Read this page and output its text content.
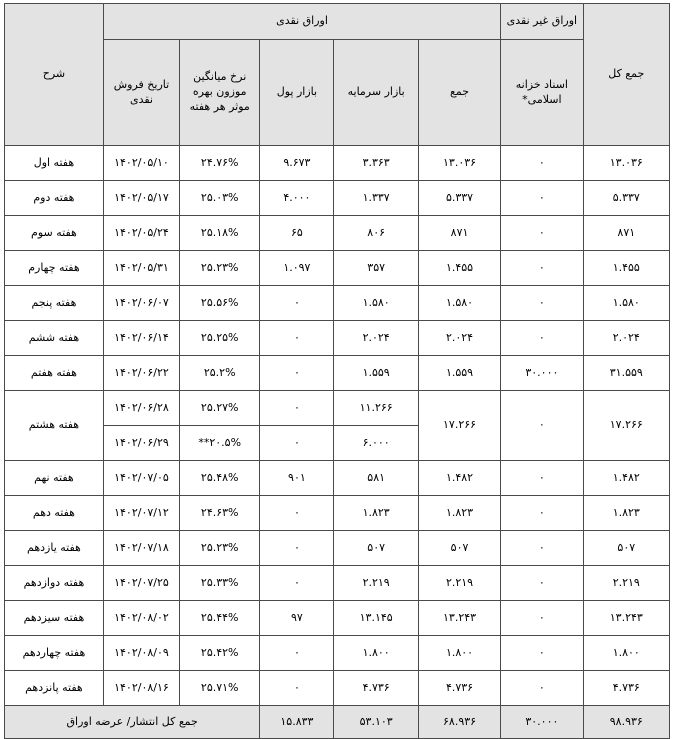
جمع کل	اوراق غیر نقدی	اوراق نقدی					شرح
	اسناد خزانه اسلامی*	جمع	بازار سرمایه	بازار پول	نرخ میانگین موزون بهره موثر هر هفته	تاریخ فروش نقدی	
۱۳.۰۳۶	۰	۱۳.۰۳۶	۳.۳۶۳	۹.۶۷۳	۲۴.۷۶%	۱۴۰۲/۰۵/۱۰	هفته اول
۵.۳۳۷	۰	۵.۳۳۷	۱.۳۳۷	۴.۰۰۰	۲۵.۰۳%	۱۴۰۲/۰۵/۱۷	هفته دوم
۸۷۱	۰	۸۷۱	۸۰۶	۶۵	۲۵.۱۸%	۱۴۰۲/۰۵/۲۴	هفته سوم
۱.۴۵۵	۰	۱.۴۵۵	۳۵۷	۱.۰۹۷	۲۵.۲۳%	۱۴۰۲/۰۵/۳۱	هفته چهارم
۱.۵۸۰	۰	۱.۵۸۰	۱.۵۸۰	۰	۲۵.۵۶%	۱۴۰۲/۰۶/۰۷	هفته پنجم
۲.۰۲۴	۰	۲.۰۲۴	۲.۰۲۴	۰	۲۵.۲۵%	۱۴۰۲/۰۶/۱۴	هفته ششم
۳۱.۵۵۹	۳۰.۰۰۰	۱.۵۵۹	۱.۵۵۹	۰	۲۵.۲%	۱۴۰۲/۰۶/۲۲	هفته هفتم
۱۷.۲۶۶	۰	۱۷.۲۶۶	۱۱.۲۶۶	۰	۲۵.۲۷%	۱۴۰۲/۰۶/۲۸	هفته هشتم
			۶.۰۰۰	۰	۲۰.۵%**	۱۴۰۲/۰۶/۲۹	
۱.۴۸۲	۰	۱.۴۸۲	۵۸۱	۹۰۱	۲۵.۴۸%	۱۴۰۲/۰۷/۰۵	هفته نهم
۱.۸۲۳	۰	۱.۸۲۳	۱.۸۲۳	۰	۲۴.۶۳%	۱۴۰۲/۰۷/۱۲	هفته دهم
۵۰۷	۰	۵۰۷	۵۰۷	۰	۲۵.۲۳%	۱۴۰۲/۰۷/۱۸	هفته یازدهم
۲.۲۱۹	۰	۲.۲۱۹	۲.۲۱۹	۰	۲۵.۳۳%	۱۴۰۲/۰۷/۲۵	هفته دوازدهم
۱۳.۲۴۳	۰	۱۳.۲۴۳	۱۳.۱۴۵	۹۷	۲۵.۴۴%	۱۴۰۲/۰۸/۰۲	هفته سیزدهم
۱.۸۰۰	۰	۱.۸۰۰	۱.۸۰۰	۰	۲۵.۴۲%	۱۴۰۲/۰۸/۰۹	هفته چهاردهم
۴.۷۳۶	۰	۴.۷۳۶	۴.۷۳۶	۰	۲۵.۷۱%	۱۴۰۲/۰۸/۱۶	هفته پانزدهم
۹۸.۹۳۶	۳۰.۰۰۰	۶۸.۹۳۶	۵۳.۱۰۳	۱۵.۸۳۳	جمع کل انتشار/ عرضه اوراق		
